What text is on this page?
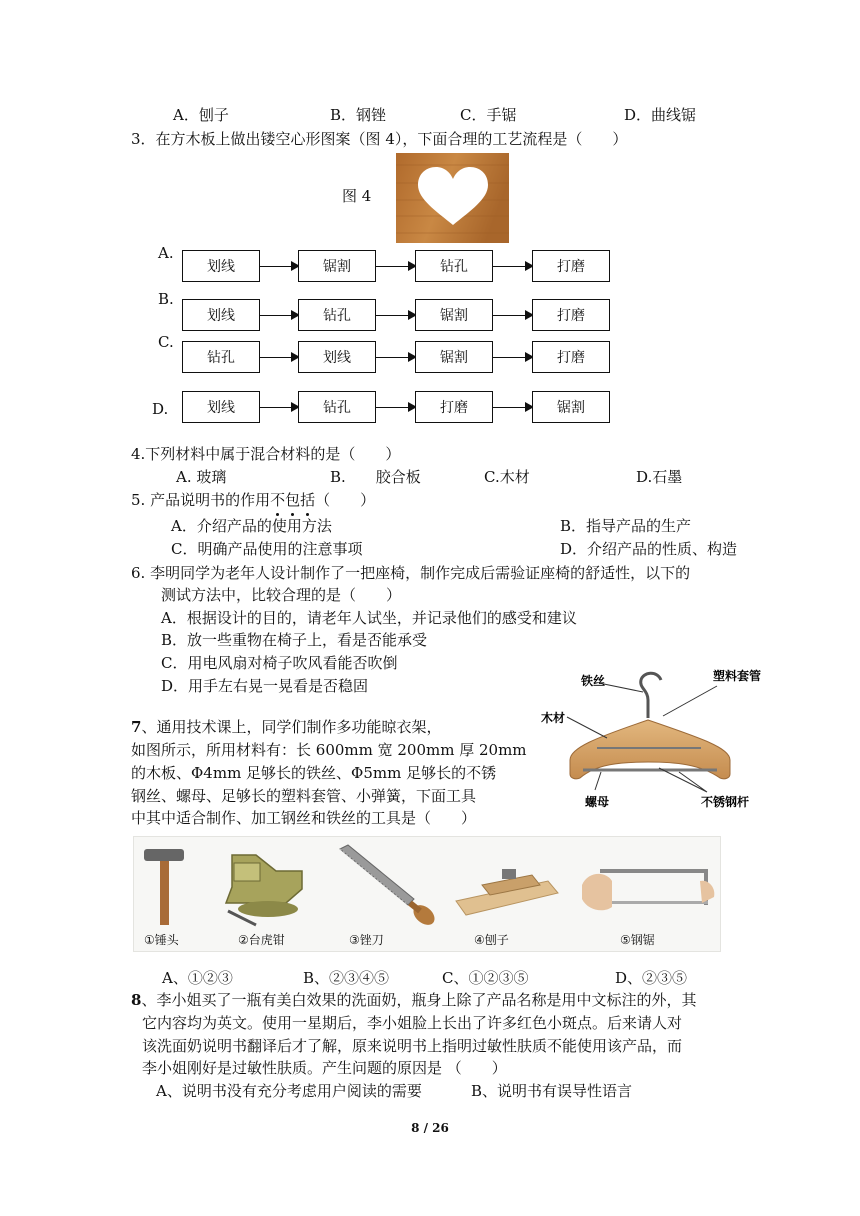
A．刨子	B．钢锉	C．手锯	D．曲线锯
3．在方木板上做出镂空心形图案（图 4），下面合理的工艺流程是（　　）
图 4
A.
B.
C.
D.
划线	锯割	钻孔	打磨
划线	钻孔	锯割	打磨
钻孔	划线	锯割	打磨
划线	钻孔	打磨	锯割
4.下列材料中属于混合材料的是（　　）
A. 玻璃	B.　　胶合板	C.木材	D.石墨
5. 产品说明书的作用不包括（　　）
A．介绍产品的使用方法	B．指导产品的生产
C．明确产品使用的注意事项	D．介绍产品的性质、构造
6. 李明同学为老年人设计制作了一把座椅，制作完成后需验证座椅的舒适性，以下的
测试方法中，比较合理的是（　　）
A．根据设计的目的，请老年人试坐，并记录他们的感受和建议
B．放一些重物在椅子上，看是否能承受
C．用电风扇对椅子吹风看能否吹倒
D．用手左右晃一晃看是否稳固
7、通用技术课上，同学们制作多功能晾衣架，
如图所示，所用材料有：长 600mm 宽 200mm 厚 20mm
的木板、Φ4mm 足够长的铁丝、Φ5mm 足够长的不锈
钢丝、螺母、足够长的塑料套管、小弹簧，下面工具
中其中适合制作、加工钢丝和铁丝的工具是（　　）
铁丝	塑料套管
木材
螺母	不锈钢杆
①锤头	②台虎钳	③锉刀	④刨子	⑤钢锯
A、①②③	B、②③④⑤	C、①②③⑤	D、②③⑤
8、李小姐买了一瓶有美白效果的洗面奶，瓶身上除了产品名称是用中文标注的外，其
它内容均为英文。使用一星期后，李小姐脸上长出了许多红色小斑点。后来请人对
该洗面奶说明书翻译后才了解，原来说明书上指明过敏性肤质不能使用该产品，而
李小姐刚好是过敏性肤质。产生问题的原因是 （　　）
A、说明书没有充分考虑用户阅读的需要	B、说明书有误导性语言
8 / 26
